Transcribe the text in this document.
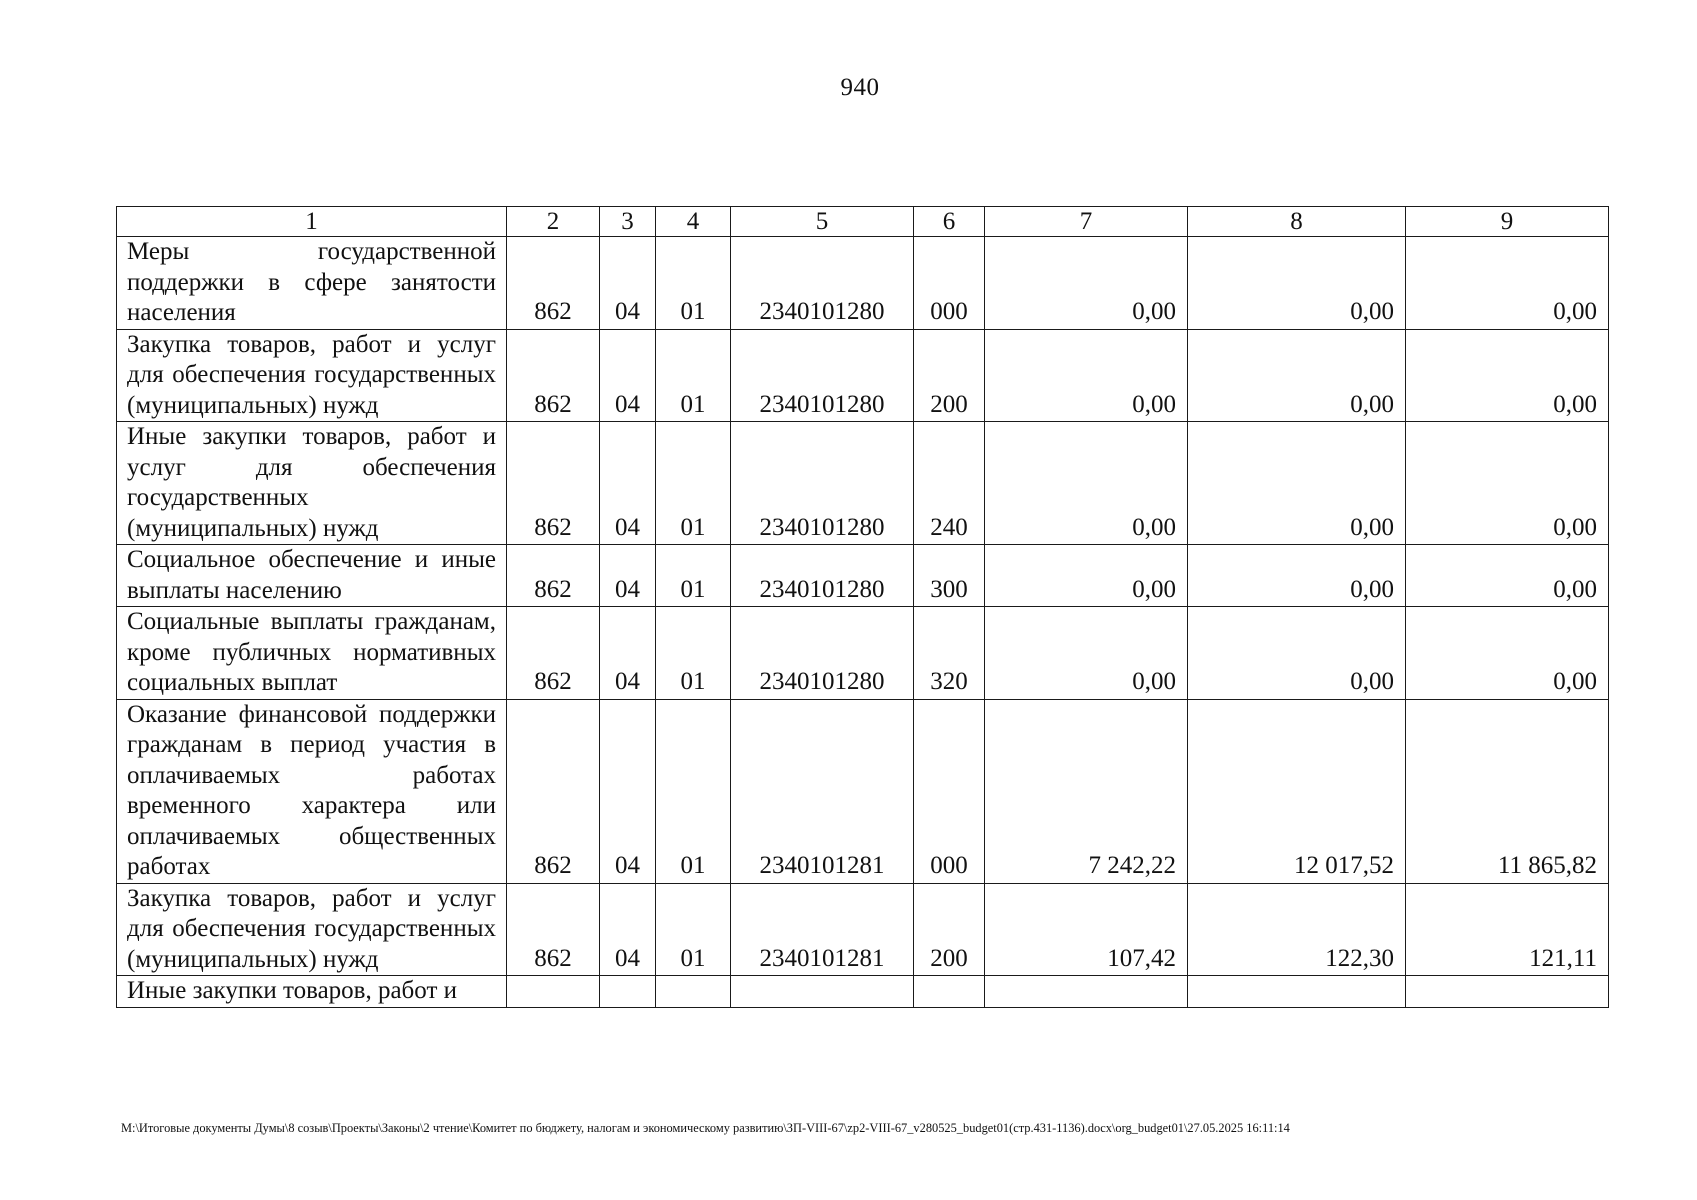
940
1	2	3	4	5	6	7	8	9
Меры государственной поддержки в сфере занятости населения	862	04	01	2340101280	000	0,00	0,00	0,00
Закупка товаров, работ и услуг для обеспечения государственных (муниципальных) нужд	862	04	01	2340101280	200	0,00	0,00	0,00
Иные закупки товаров, работ и услуг для обеспечения государственных (муниципальных) нужд	862	04	01	2340101280	240	0,00	0,00	0,00
Социальное обеспечение и иные выплаты населению	862	04	01	2340101280	300	0,00	0,00	0,00
Социальные выплаты гражданам, кроме публичных нормативных социальных выплат	862	04	01	2340101280	320	0,00	0,00	0,00
Оказание финансовой поддержки гражданам в период участия в оплачиваемых работах временного характера или оплачиваемых общественных работах	862	04	01	2340101281	000	7 242,22	12 017,52	11 865,82
Закупка товаров, работ и услуг для обеспечения государственных (муниципальных) нужд	862	04	01	2340101281	200	107,42	122,30	121,11
Иные закупки товаров, работ и								
M:\Итоговые документы Думы\8 созыв\Проекты\Законы\2 чтение\Комитет по бюджету, налогам и экономическому развитию\ЗП-VIII-67\zp2-VIII-67_v280525_budget01(стр.431-1136).docx\org_budget01\27.05.2025 16:11:14
